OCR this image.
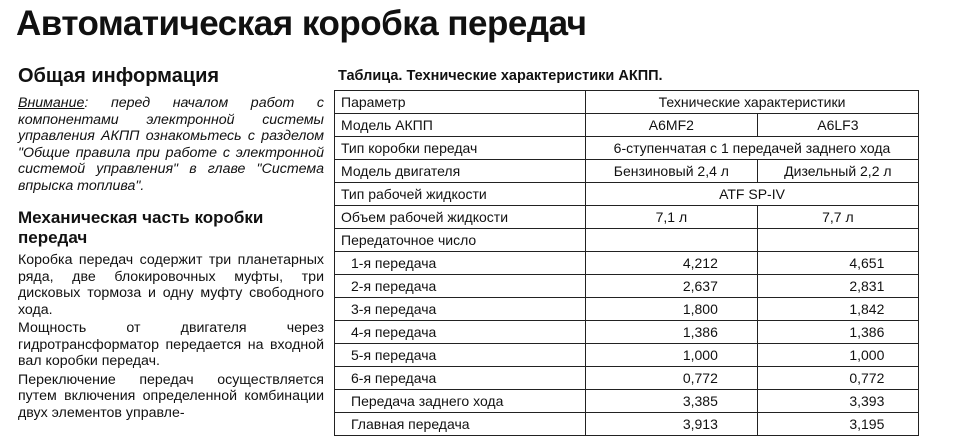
Автоматическая коробка передач
Общая информация
Внимание: перед началом работ с компонентами электронной системы управления АКПП ознакомьтесь с разделом "Общие правила при работе с электронной системой управления" в главе "Система впрыска топлива".
Механическая часть коробки передач

Коробка передач содержит три планетарных ряда, две блокировочных муфты, три дисковых тормоза и одну муфту свободного хода.

Мощность от двигателя через гидротрансформатор передается на входной вал коробки передач.

Переключение передач осуществляется путем включения определенной комбинации двух элементов управле-

Таблица. Технические характеристики АКПП.
Параметр	Технические характеристики	
Модель АКПП	A6MF2	A6LF3
Тип коробки передач	6-ступенчатая с 1 передачей заднего хода	
Модель двигателя	Бензиновый 2,4 л	Дизельный 2,2 л
Тип рабочей жидкости	ATF SP-IV	
Объем рабочей жидкости	7,1 л	7,7 л
Передаточное число		
1-я передача	4,212	4,651
2-я передача	2,637	2,831
3-я передача	1,800	1,842
4-я передача	1,386	1,386
5-я передача	1,000	1,000
6-я передача	0,772	0,772
Передача заднего хода	3,385	3,393
Главная передача	3,913	3,195
